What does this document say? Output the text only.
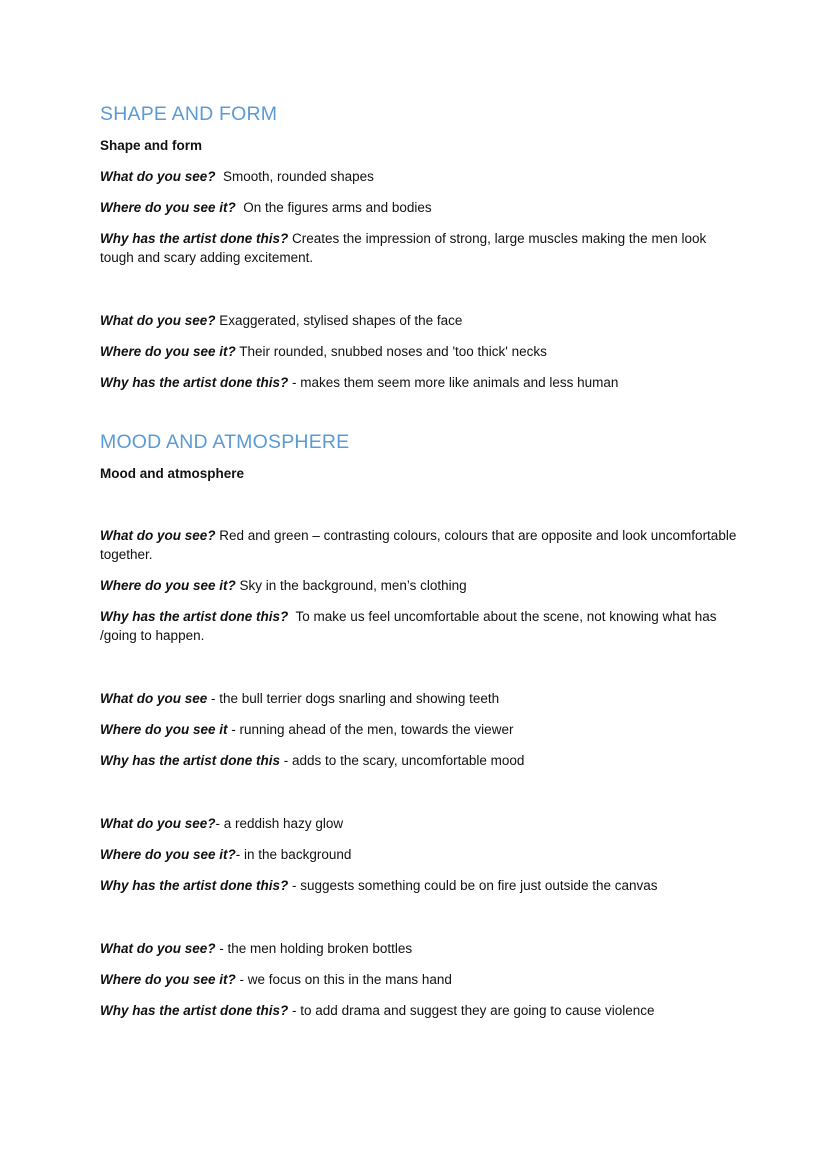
SHAPE AND FORM

Shape and form

What do you see?  Smooth, rounded shapes

Where do you see it?  On the figures arms and bodies

Why has the artist done this? Creates the impression of strong, large muscles making the men look tough and scary adding excitement.

What do you see? Exaggerated, stylised shapes of the face

Where do you see it? Their rounded, snubbed noses and 'too thick' necks

Why has the artist done this? - makes them seem more like animals and less human

MOOD AND ATMOSPHERE

Mood and atmosphere

What do you see? Red and green – contrasting colours, colours that are opposite and look uncomfortable together.

Where do you see it? Sky in the background, men’s clothing

Why has the artist done this?  To make us feel uncomfortable about the scene, not knowing what has /going to happen.

What do you see - the bull terrier dogs snarling and showing teeth

Where do you see it - running ahead of the men, towards the viewer

Why has the artist done this - adds to the scary, uncomfortable mood

What do you see?- a reddish hazy glow

Where do you see it?- in the background

Why has the artist done this? - suggests something could be on fire just outside the canvas

What do you see? - the men holding broken bottles

Where do you see it? - we focus on this in the mans hand

Why has the artist done this? - to add drama and suggest they are going to cause violence
